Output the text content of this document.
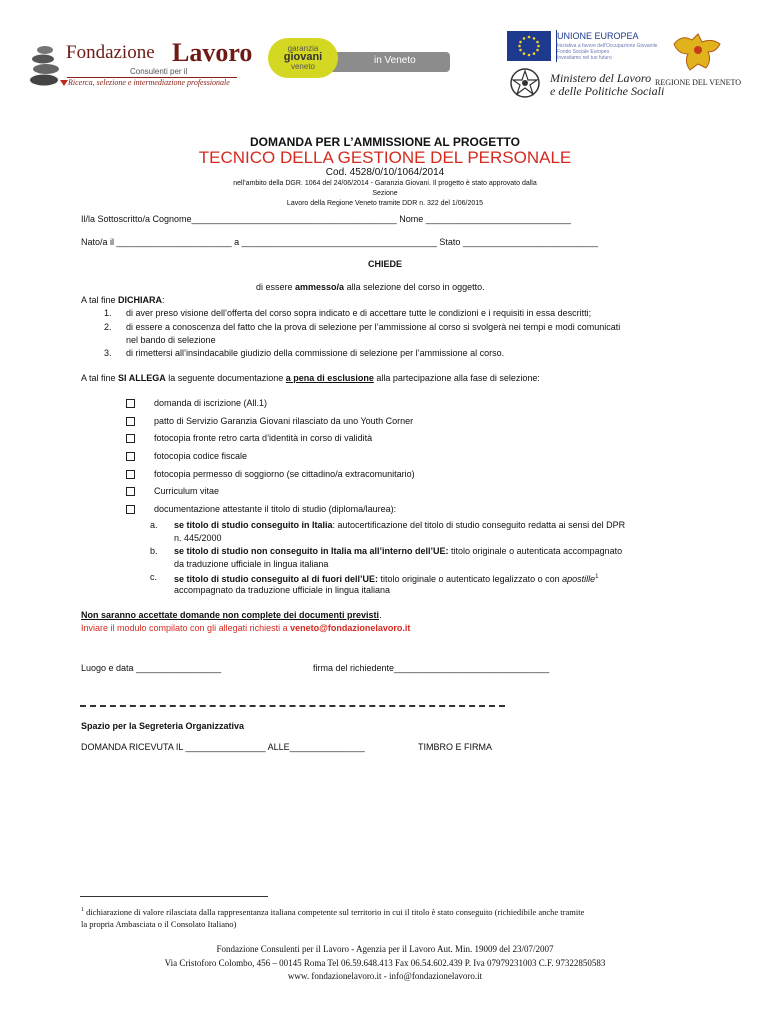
Fondazione Lavoro
Consulenti per il
Ricerca, selezione e intermediazione professionale
in Veneto
garanzia
giovani
veneto
UNIONE EUROPEA
Iniziativa a favore dell'Occupazione Giovanile
Fondo Sociale Europeo
Investiamo nel tuo futuro
Ministero del Lavoro
e delle Politiche Sociali
REGIONE DEL VENETO
DOMANDA PER L’AMMISSIONE AL PROGETTO
TECNICO DELLA GESTIONE DEL PERSONALE
Cod. 4528/0/10/1064/2014
nell’ambito della DGR. 1064 del 24/06/2014 - Garanzia Giovani. Il progetto è stato approvato dalla Sezione
Lavoro della Regione Veneto tramite DDR n. 322 del 1/06/2015
Il/la Sottoscritto/a Cognome_________________________________________ Nome _____________________________
Nato/a il _______________________ a _______________________________________ Stato ___________________________
CHIEDE
di essere ammesso/a alla selezione del corso in oggetto.
A tal fine DICHIARA:
1. di aver preso visione dell’offerta del corso sopra indicato e di accettare tutte le condizioni e i requisiti in essa descritti;
2. di essere a conoscenza del fatto che la prova di selezione per l’ammissione al corso si svolgerà nei tempi e modi comunicati
nel bando di selezione
3. di rimettersi all’insindacabile giudizio della commissione di selezione per l’ammissione al corso.
A tal fine SI ALLEGA la seguente documentazione a pena di esclusione alla partecipazione alla fase di selezione:
domanda di iscrizione (All.1)
patto di Servizio Garanzia Giovani rilasciato da uno Youth Corner
fotocopia fronte retro carta d’identità in corso di validità
fotocopia codice fiscale
fotocopia permesso di soggiorno (se cittadino/a extracomunitario)
Curriculum vitae
documentazione attestante il titolo di studio (diploma/laurea):
a. se titolo di studio conseguito in Italia: autocertificazione del titolo di studio conseguito redatta ai sensi del DPR
n. 445/2000
b. se titolo di studio non conseguito in Italia ma all’interno dell’UE: titolo originale o autenticata accompagnato
da traduzione ufficiale in lingua italiana
c. se titolo di studio conseguito al di fuori dell’UE: titolo originale o autenticato legalizzato o con apostille$^1$
accompagnato da traduzione ufficiale in lingua italiana
Non saranno accettate domande non complete dei documenti previsti.
Inviare il modulo compilato con gli allegati richiesti a veneto@fondazionelavoro.it
Luogo e data _________________	firma del richiedente_______________________________
Spazio per la Segreteria Organizzativa
DOMANDA RICEVUTA IL ________________ ALLE_______________	TIMBRO E FIRMA
$^1$ dichiarazione di valore rilasciata dalla rappresentanza italiana competente sul territorio in cui il titolo è stato conseguito (richiedibile anche tramite
la propria Ambasciata o il Consolato Italiano)
Fondazione Consulenti per il Lavoro - Agenzia per il Lavoro Aut. Min. 19009 del 23/07/2007
Via Cristoforo Colombo, 456 – 00145 Roma Tel 06.59.648.413 Fax 06.54.602.439 P. Iva 07979231003 C.F. 97322850583
www. fondazionelavoro.it - info@fondazionelavoro.it
